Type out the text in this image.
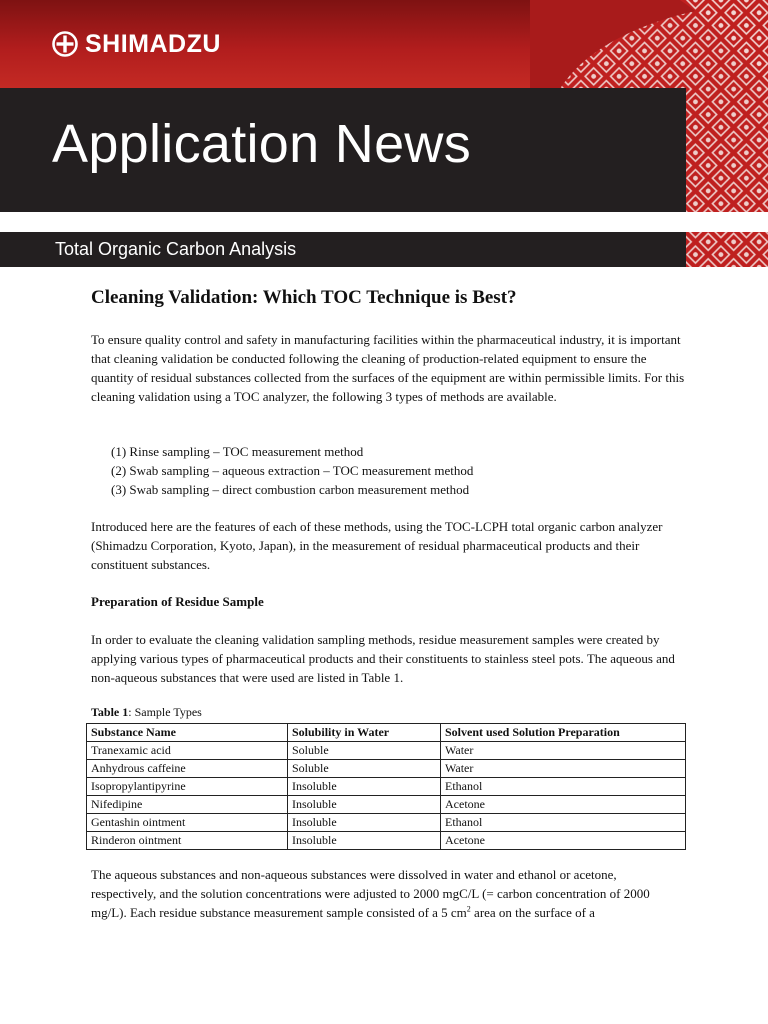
SHIMADZU
Application News
Total Organic Carbon Analysis
Cleaning Validation: Which TOC Technique is Best?
To ensure quality control and safety in manufacturing facilities within the pharmaceutical industry, it is important that cleaning validation be conducted following the cleaning of production-related equipment to ensure the quantity of residual substances collected from the surfaces of the equipment are within permissible limits. For this cleaning validation using a TOC analyzer, the following 3 types of methods are available.
(1) Rinse sampling – TOC measurement method
(2) Swab sampling – aqueous extraction – TOC measurement method
(3) Swab sampling – direct combustion carbon measurement method
Introduced here are the features of each of these methods, using the TOC-LCPH total organic carbon analyzer (Shimadzu Corporation, Kyoto, Japan), in the measurement of residual pharmaceutical products and their constituent substances.
Preparation of Residue Sample
In order to evaluate the cleaning validation sampling methods, residue measurement samples were created by applying various types of pharmaceutical products and their constituents to stainless steel pots. The aqueous and non-aqueous substances that were used are listed in Table 1.
Table 1: Sample Types
Substance Name	Solubility in Water	Solvent used Solution Preparation
Tranexamic acid	Soluble	Water
Anhydrous caffeine	Soluble	Water
Isopropylantipyrine	Insoluble	Ethanol
Nifedipine	Insoluble	Acetone
Gentashin ointment	Insoluble	Ethanol
Rinderon ointment	Insoluble	Acetone
The aqueous substances and non-aqueous substances were dissolved in water and ethanol or acetone, respectively, and the solution concentrations were adjusted to 2000 mgC/L (= carbon concentration of 2000 mg/L). Each residue substance measurement sample consisted of a 5 $cm^2$ area on the surface of a
